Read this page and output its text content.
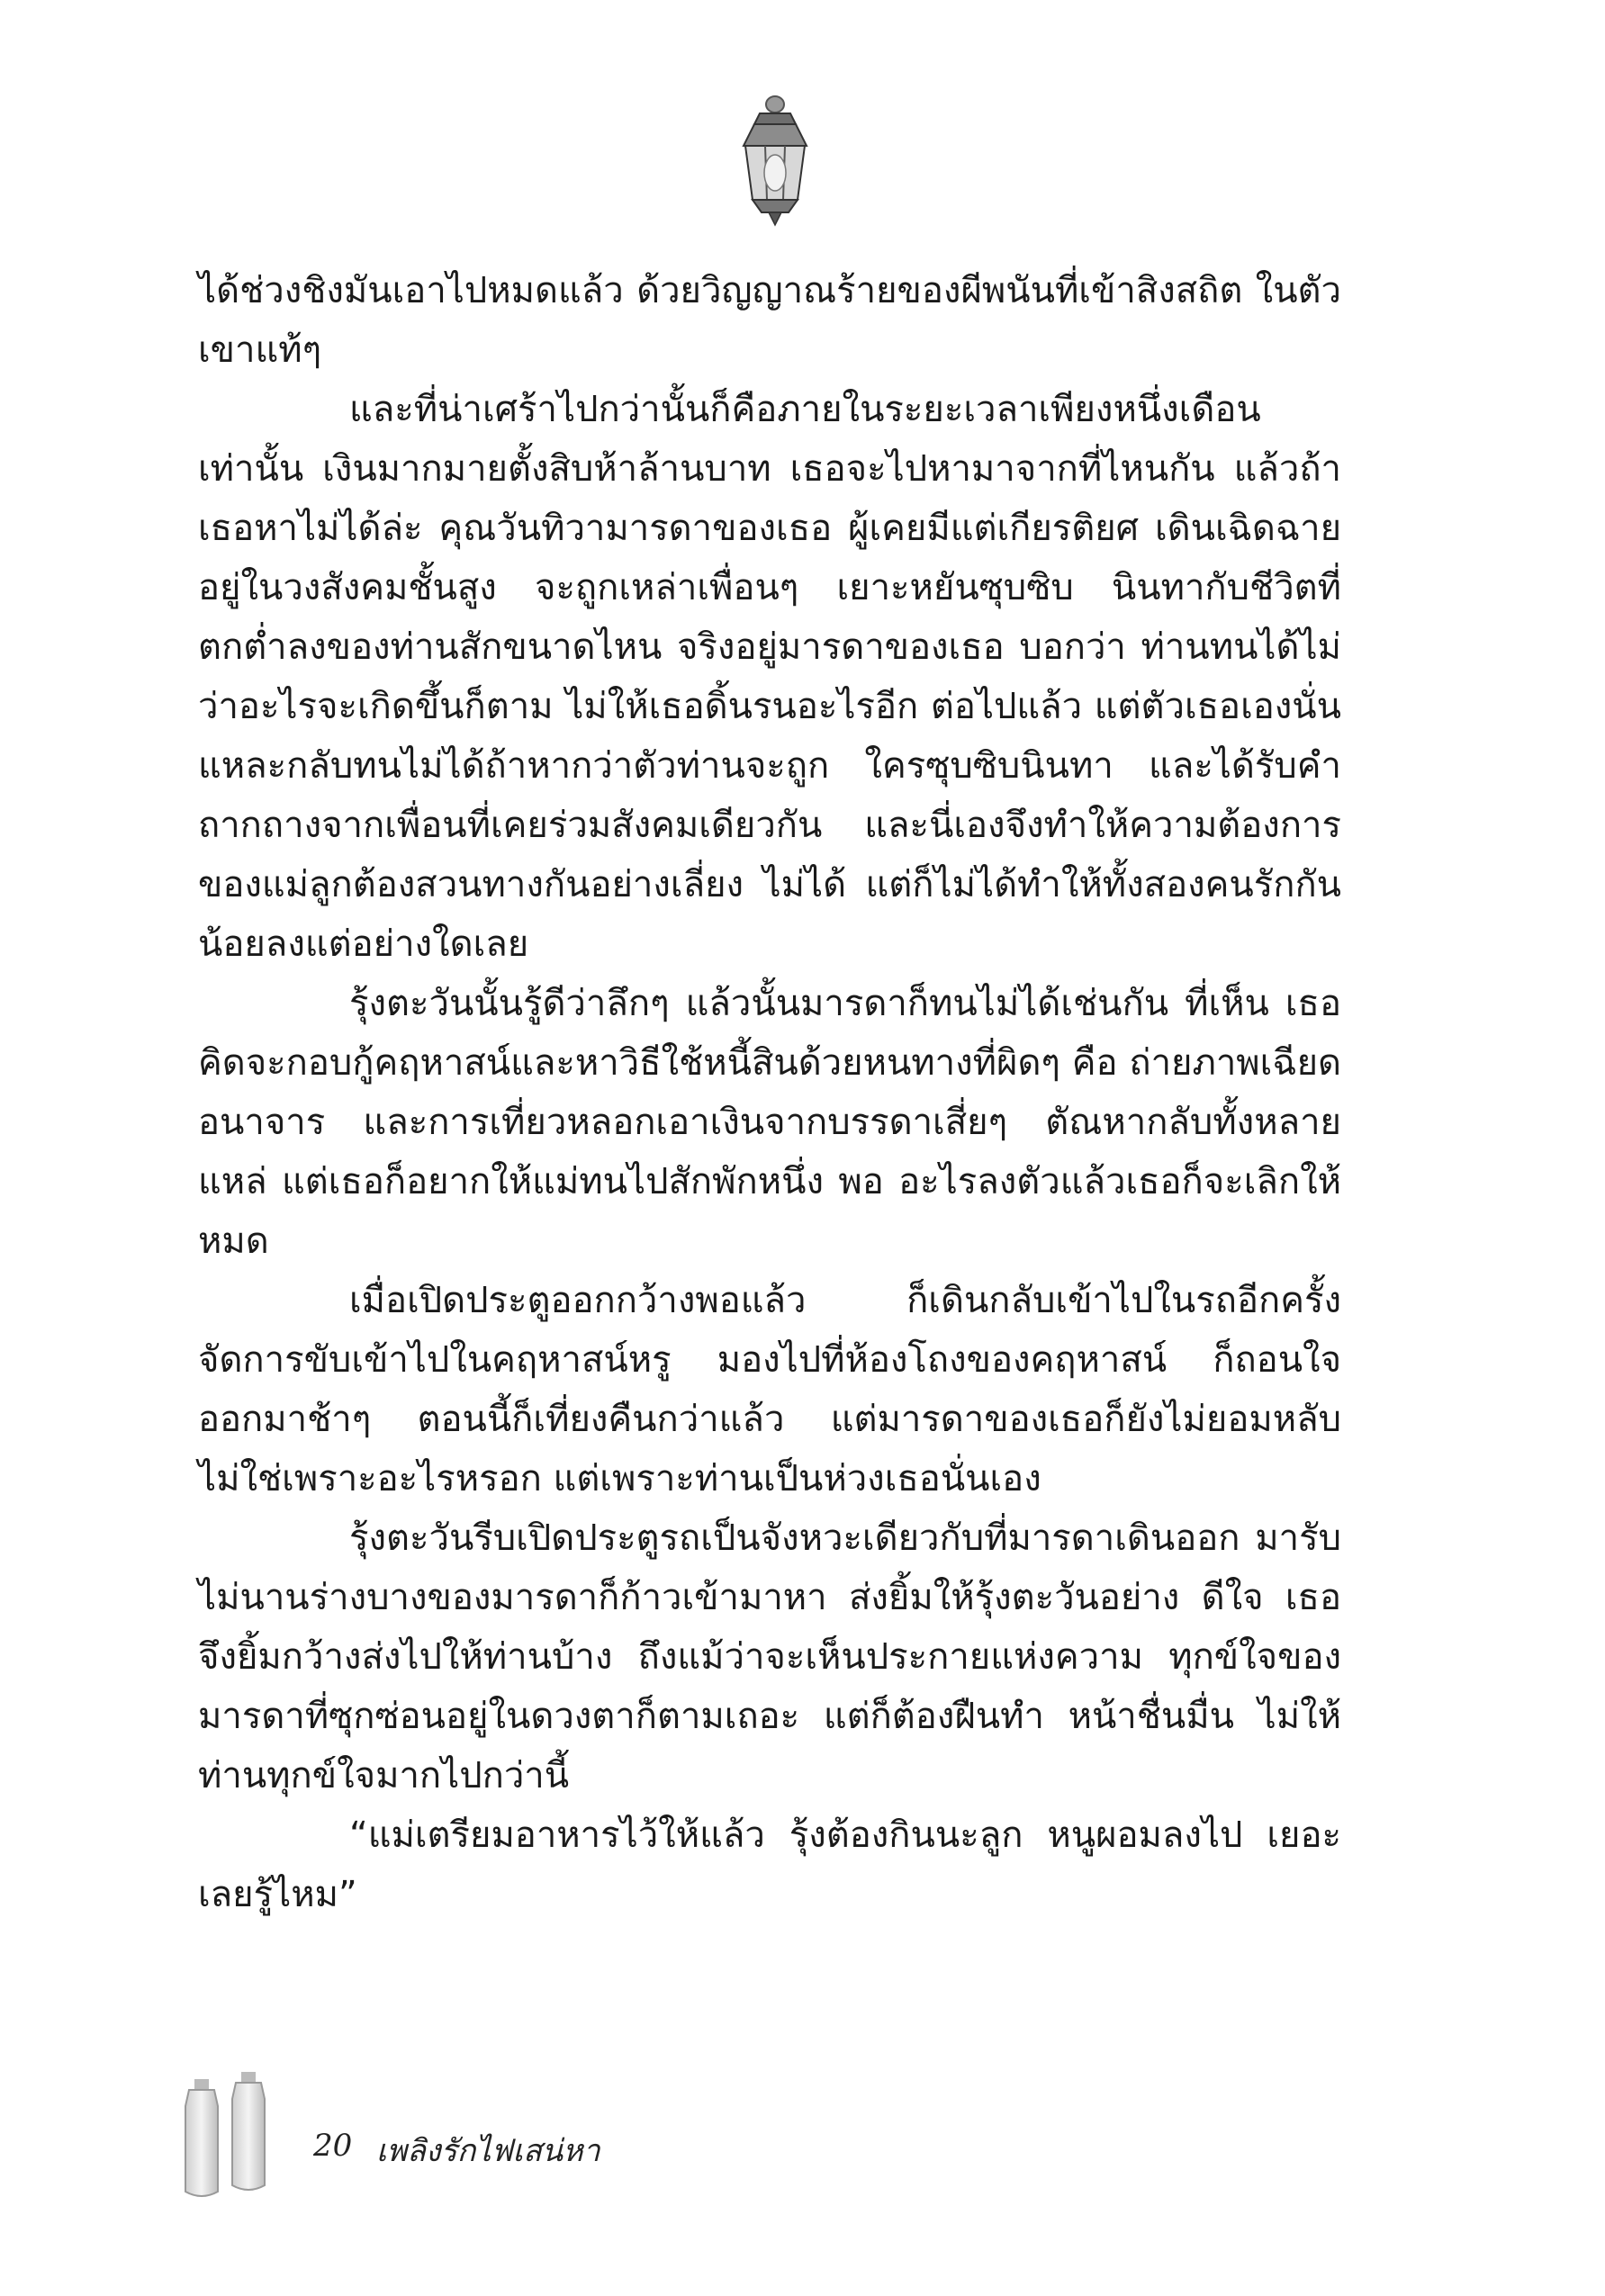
ได้ช่วงชิงมันเอาไปหมดแล้ว ด้วยวิญญาณร้ายของผีพนันที่เข้าสิงสถิต ในตัวเขาแท้ๆ

และที่น่าเศร้าไปกว่านั้นก็คือภายในระยะเวลาเพียงหนึ่งเดือน เท่านั้น เงินมากมายตั้งสิบห้าล้านบาท เธอจะไปหามาจากที่ไหนกัน แล้วถ้าเธอหาไม่ได้ล่ะ คุณวันทิวามารดาของเธอ ผู้เคยมีแต่เกียรติยศ เดินเฉิดฉายอยู่ในวงสังคมชั้นสูง จะถูกเหล่าเพื่อนๆ เยาะหยันซุบซิบ นินทากับชีวิตที่ตกต่ำลงของท่านสักขนาดไหน จริงอยู่มารดาของเธอ บอกว่า ท่านทนได้ไม่ว่าอะไรจะเกิดขึ้นก็ตาม ไม่ให้เธอดิ้นรนอะไรอีก ต่อไปแล้ว แต่ตัวเธอเองนั่นแหละกลับทนไม่ได้ถ้าหากว่าตัวท่านจะถูก ใครซุบซิบนินทา และได้รับคำถากถางจากเพื่อนที่เคยร่วมสังคมเดียวกัน และนี่เองจึงทำให้ความต้องการของแม่ลูกต้องสวนทางกันอย่างเลี่ยง ไม่ได้ แต่ก็ไม่ได้ทำให้ทั้งสองคนรักกันน้อยลงแต่อย่างใดเลย

รุ้งตะวันนั้นรู้ดีว่าลึกๆ แล้วนั้นมารดาก็ทนไม่ได้เช่นกัน ที่เห็น เธอคิดจะกอบกู้คฤหาสน์และหาวิธีใช้หนี้สินด้วยหนทางที่ผิดๆ คือ ถ่ายภาพเฉียดอนาจาร และการเที่ยวหลอกเอาเงินจากบรรดาเสี่ยๆ ตัณหากลับทั้งหลายแหล่ แต่เธอก็อยากให้แม่ทนไปสักพักหนึ่ง พอ อะไรลงตัวแล้วเธอก็จะเลิกให้หมด

เมื่อเปิดประตูออกกว้างพอแล้ว ก็เดินกลับเข้าไปในรถอีกครั้ง จัดการขับเข้าไปในคฤหาสน์หรู มองไปที่ห้องโถงของคฤหาสน์ ก็ถอนใจ ออกมาช้าๆ ตอนนี้ก็เที่ยงคืนกว่าแล้ว แต่มารดาของเธอก็ยังไม่ยอมหลับ ไม่ใช่เพราะอะไรหรอก แต่เพราะท่านเป็นห่วงเธอนั่นเอง

รุ้งตะวันรีบเปิดประตูรถเป็นจังหวะเดียวกับที่มารดาเดินออก มารับ ไม่นานร่างบางของมารดาก็ก้าวเข้ามาหา ส่งยิ้มให้รุ้งตะวันอย่าง ดีใจ เธอจึงยิ้มกว้างส่งไปให้ท่านบ้าง ถึงแม้ว่าจะเห็นประกายแห่งความ ทุกข์ใจของมารดาที่ซุกซ่อนอยู่ในดวงตาก็ตามเถอะ แต่ก็ต้องฝืนทำ หน้าชื่นมื่น ไม่ให้ท่านทุกข์ใจมากไปกว่านี้

“แม่เตรียมอาหารไว้ให้แล้ว รุ้งต้องกินนะลูก หนูผอมลงไป เยอะเลยรู้ไหม”

20 เพลิงรักไฟเสน่หา
